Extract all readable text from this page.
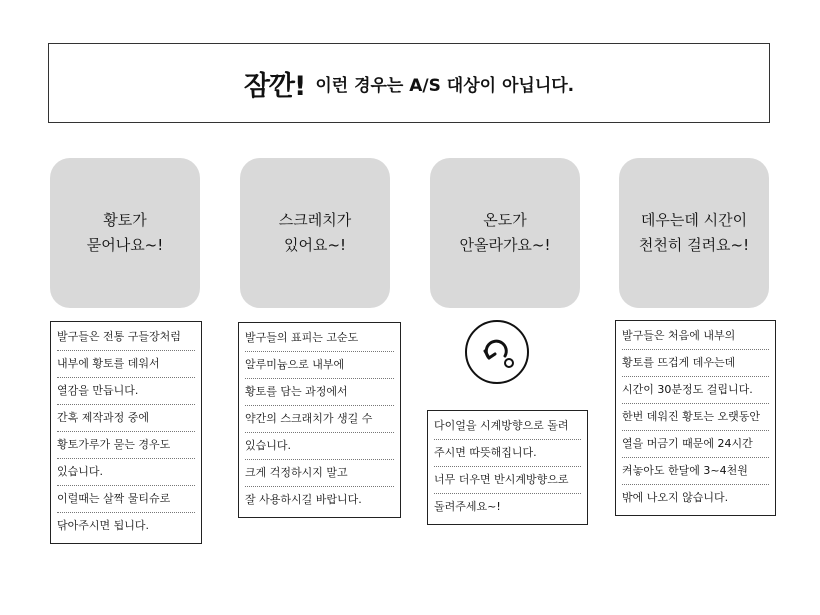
잠깐! 이런 경우는 A/S 대상이 아닙니다.
황토가
묻어나요~!
스크레치가
있어요~!
온도가
안올라가요~!
데우는데 시간이
천천히 걸려요~!
발구들은 전통 구들장처럼
내부에 황토를 데워서
열감을 만듭니다.
간혹 제작과정 중에
황토가루가 묻는 경우도
있습니다.
이럴때는 살짝 물티슈로
닦아주시면 됩니다.
발구들의 표피는 고순도
알루미늄으로 내부에
황토를 담는 과정에서
약간의 스크래치가 생길 수
있습니다.
크게 걱정하시지 말고
잘 사용하시길 바랍니다.
다이얼을 시계방향으로 돌려
주시면 따뜻해집니다.
너무 더우면 반시계방향으로
돌려주세요~!
발구들은 처음에 내부의
황토를 뜨겁게 데우는데
시간이 30분정도 걸립니다.
한번 데워진 황토는 오랫동안
열을 머금기 때문에 24시간
켜놓아도 한달에 3~4천원
밖에 나오지 않습니다.
